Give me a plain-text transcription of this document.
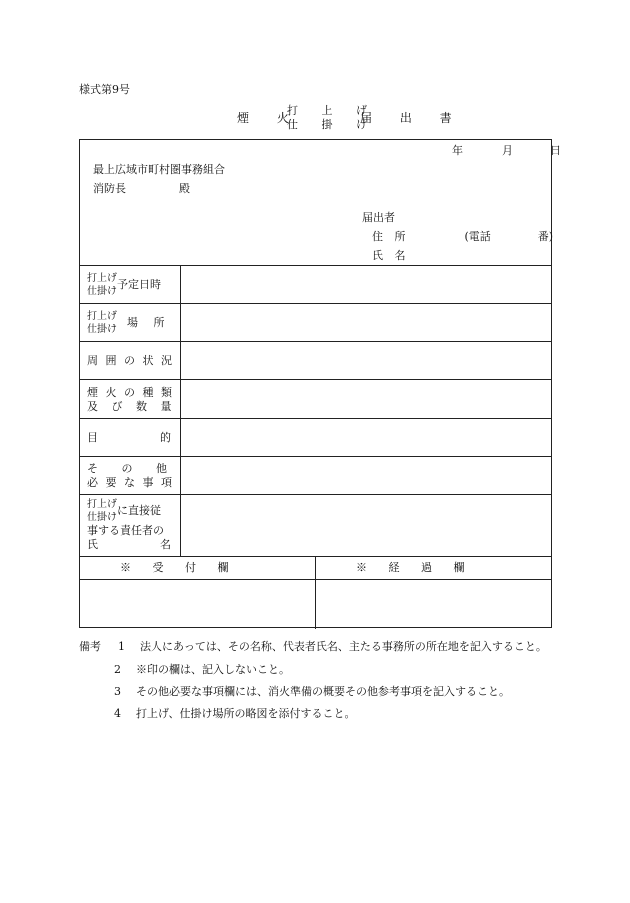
様式第9号
煙 火
打 上 げ
仕 掛 け
届 出 書
年	月	日
最上広域市町村圏事務組合
消防長	殿
届出者
住 所	(電話	番)
氏 名
打上げ
仕掛け予定日時
打上げ
仕掛け場 所
周 囲 の 状 況
煙 火 の 種 類
及 び 数 量
目	的
そ の 他
必 要 な 事 項
打上げ
仕掛けに直接従
事する責任者の
氏	名
※ 受 付 欄	※ 経 過 欄
備考 1 法人にあっては、その名称、代表者氏名、主たる事務所の所在地を記入すること。
2 ※印の欄は、記入しないこと。
3 その他必要な事項欄には、消火準備の概要その他参考事項を記入すること。
4 打上げ、仕掛け場所の略図を添付すること。
